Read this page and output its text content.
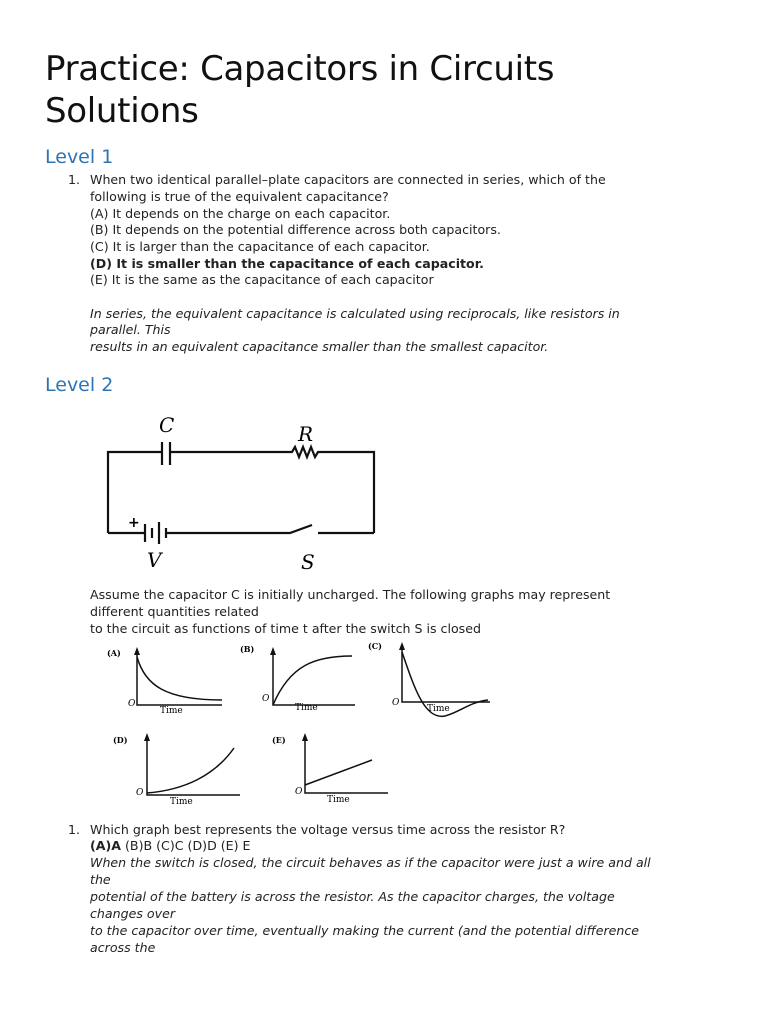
Practice: Capacitors in Circuits
Solutions
Level 1
1. When two identical parallel–plate capacitors are connected in series, which of the
following is true of the equivalent capacitance?
(A) It depends on the charge on each capacitor.
(B) It depends on the potential difference across both capacitors.
(C) It is larger than the capacitance of each capacitor.
(D) It is smaller than the capacitance of each capacitor.
(E) It is the same as the capacitance of each capacitor
In series, the equivalent capacitance is calculated using reciprocals, like resistors in
parallel. This
results in an equivalent capacitance smaller than the smallest capacitor.
Level 2
C	R
+
V	S
Assume the capacitor C is initially uncharged. The following graphs may represent
different quantities related
to the circuit as functions of time t after the switch S is closed
(A)	(B)	(C)
(D)	(E)
O	O	O
O	O
Time	Time	Time
Time	Time
1. Which graph best represents the voltage versus time across the resistor R?
(A)A (B)B (C)C (D)D (E) E
When the switch is closed, the circuit behaves as if the capacitor were just a wire and all
the
potential of the battery is across the resistor. As the capacitor charges, the voltage
changes over
to the capacitor over time, eventually making the current (and the potential difference
across the
